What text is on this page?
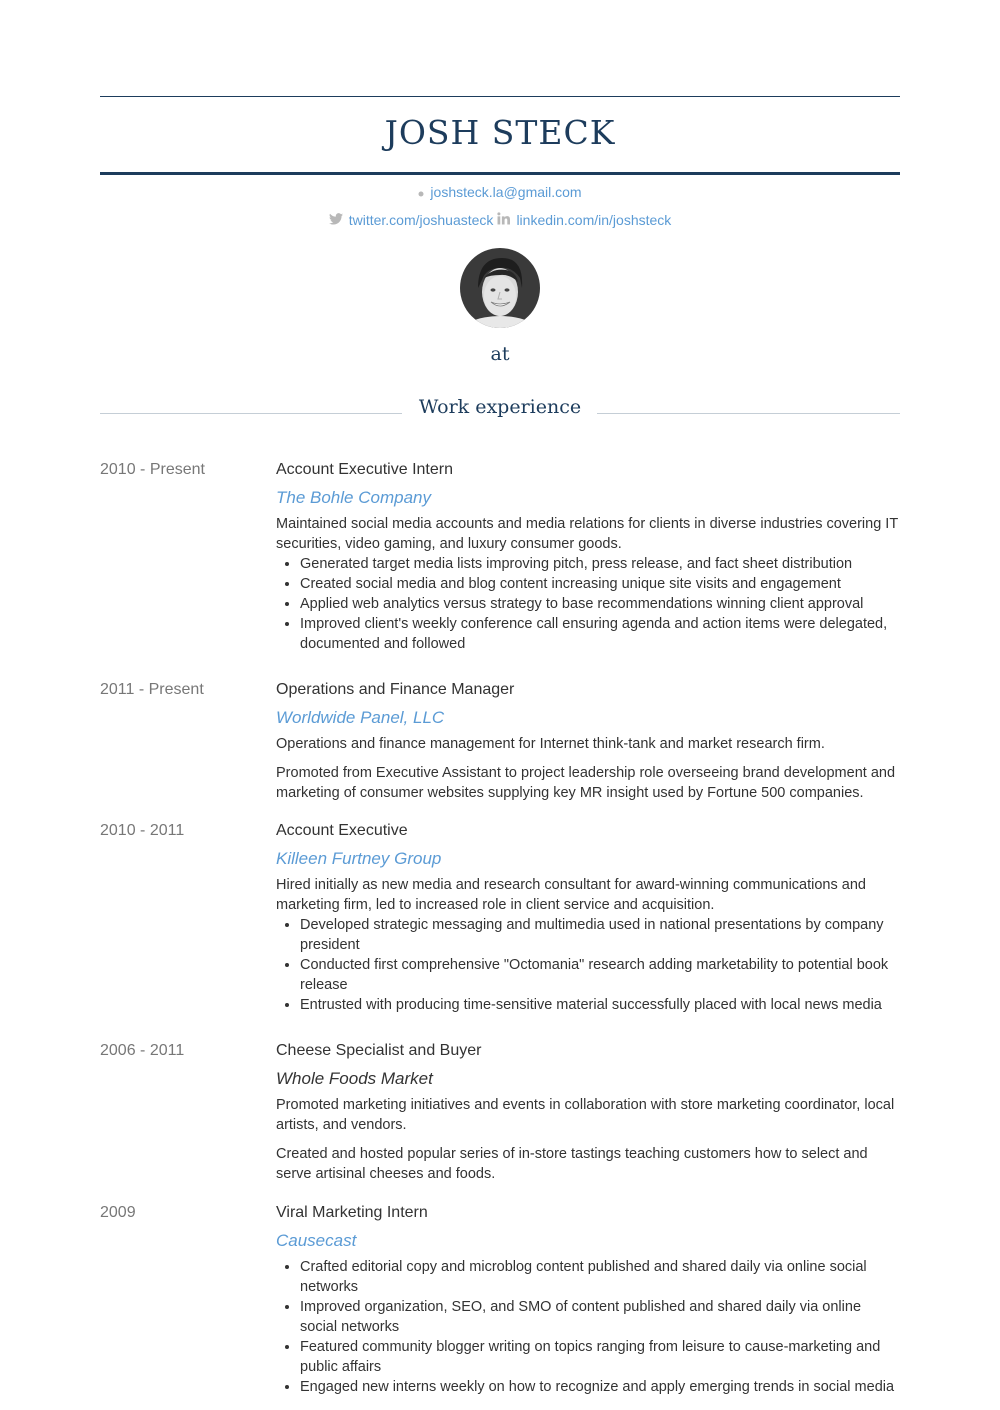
JOSH STECK
joshsteck.la@gmail.com
twitter.com/joshuasteck linkedin.com/in/joshsteck
at
Work experience
2010 - Present	Account Executive Intern

The Bohle Company

Maintained social media accounts and media relations for clients in diverse industries covering IT securities, video gaming, and luxury consumer goods.

• Generated target media lists improving pitch, press release, and fact sheet distribution
• Created social media and blog content increasing unique site visits and engagement
• Applied web analytics versus strategy to base recommendations winning client approval
• Improved client's weekly conference call ensuring agenda and action items were delegated, documented and followed
2011 - Present	Operations and Finance Manager

Worldwide Panel, LLC

Operations and finance management for Internet think-tank and market research firm.

Promoted from Executive Assistant to project leadership role overseeing brand development and marketing of consumer websites supplying key MR insight used by Fortune 500 companies.

2010 - 2011	Account Executive

Killeen Furtney Group

Hired initially as new media and research consultant for award-winning communications and marketing firm, led to increased role in client service and acquisition.

• Developed strategic messaging and multimedia used in national presentations by company president
• Conducted first comprehensive "Octomania" research adding marketability to potential book release
• Entrusted with producing time-sensitive material successfully placed with local news media
2006 - 2011	Cheese Specialist and Buyer

Whole Foods Market

Promoted marketing initiatives and events in collaboration with store marketing coordinator, local artists, and vendors.

Created and hosted popular series of in-store tastings teaching customers how to select and serve artisinal cheeses and foods.

2009	Viral Marketing Intern

Causecast

• Crafted editorial copy and microblog content published and shared daily via online social networks
• Improved organization, SEO, and SMO of content published and shared daily via online social networks
• Featured community blogger writing on topics ranging from leisure to cause-marketing and public affairs
• Engaged new interns weekly on how to recognize and apply emerging trends in social media
